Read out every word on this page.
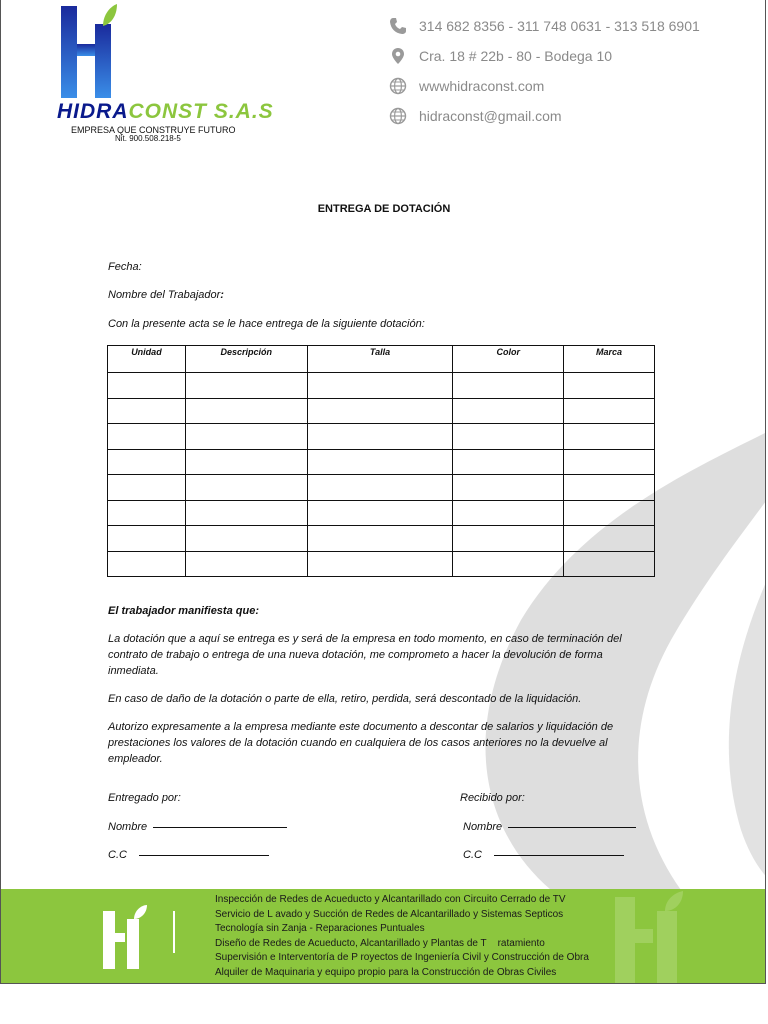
HIDRACONST S.A.S
EMPRESA QUE CONSTRUYE FUTURO
Nit. 900.508.218-5
314 682 8356 - 311 748 0631 - 313 518 6901
Cra. 18 # 22b - 80 - Bodega 10
wwwhidraconst.com
hidraconst@gmail.com
ENTREGA DE DOTACIÓN
Fecha:
Nombre del Trabajador:
Con la presente acta se le hace entrega de la siguiente dotación:
Unidad	Descripción	Talla	Color	Marca

El trabajador manifiesta que:
La dotación que a aquí se entrega es y será de la empresa en todo momento, en caso de terminación del contrato de trabajo o entrega de una nueva dotación, me comprometo a hacer la devolución de forma inmediata.
En caso de daño de la dotación o parte de ella, retiro, perdida, será descontado de la liquidación.
Autorizo expresamente a la empresa mediante este documento a descontar de salarios y liquidación de prestaciones los valores de la dotación cuando en cualquiera de los casos anteriores no la devuelve al empleador.
Entregado por:	Recibido por:
Nombre	Nombre
C.C	C.C
Inspección de Redes de Acueducto y Alcantarillado con Circuito Cerrado de TV
Servicio de L avado y Succión de Redes de Alcantarillado y Sistemas Septicos
Tecnología sin Zanja - Reparaciones Puntuales
Diseño de Redes de Acueducto, Alcantarillado y Plantas de T    ratamiento
Supervisión e Interventoría de P royectos de Ingeniería Civil y Construcción de Obra
Alquiler de Maquinaria y equipo propio para la Construcción de Obras Civiles
